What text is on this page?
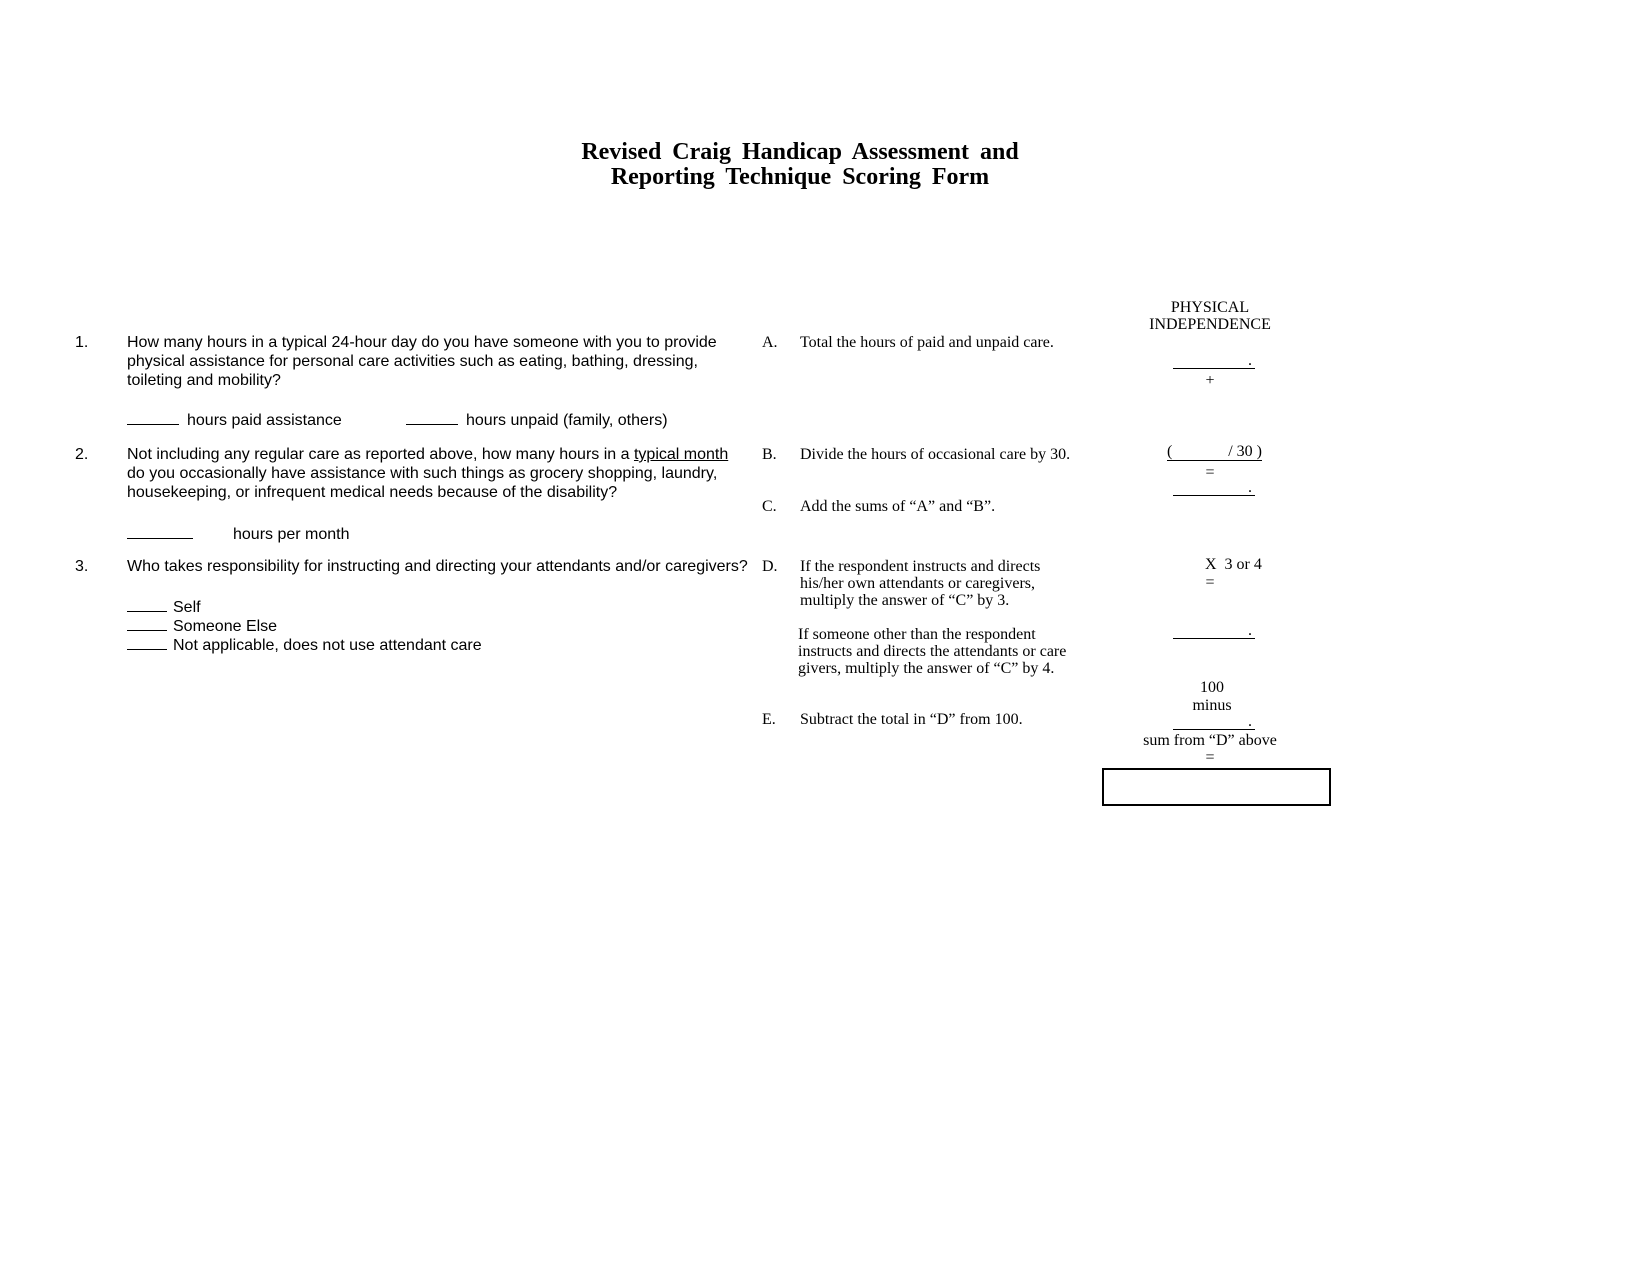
Revised Craig Handicap Assessment and
Reporting Technique Scoring Form
PHYSICAL
INDEPENDENCE
1. How many hours in a typical 24-hour day do you have someone with you to provide physical assistance for personal care activities such as eating, bathing, dressing, toileting and mobility?
hours paid assistance	hours unpaid (family, others)
2. Not including any regular care as reported above, how many hours in a typical month do you occasionally have assistance with such things as grocery shopping, laundry, housekeeping, or infrequent medical needs because of the disability?
hours per month
3. Who takes responsibility for instructing and directing your attendants and/or caregivers?
Self
Someone Else
Not applicable, does not use attendant care
A. Total the hours of paid and unpaid care.
B. Divide the hours of occasional care by 30.
C. Add the sums of “A” and “B”.
D. If the respondent instructs and directs his/her own attendants or caregivers, multiply the answer of “C” by 3.
If someone other than the respondent instructs and directs the attendants or care givers, multiply the answer of “C” by 4.
E. Subtract the total in “D” from 100.
.
+
(	/ 30 )
=
.
X  3 or 4
=
.
100
minus
.
sum from “D” above
=
